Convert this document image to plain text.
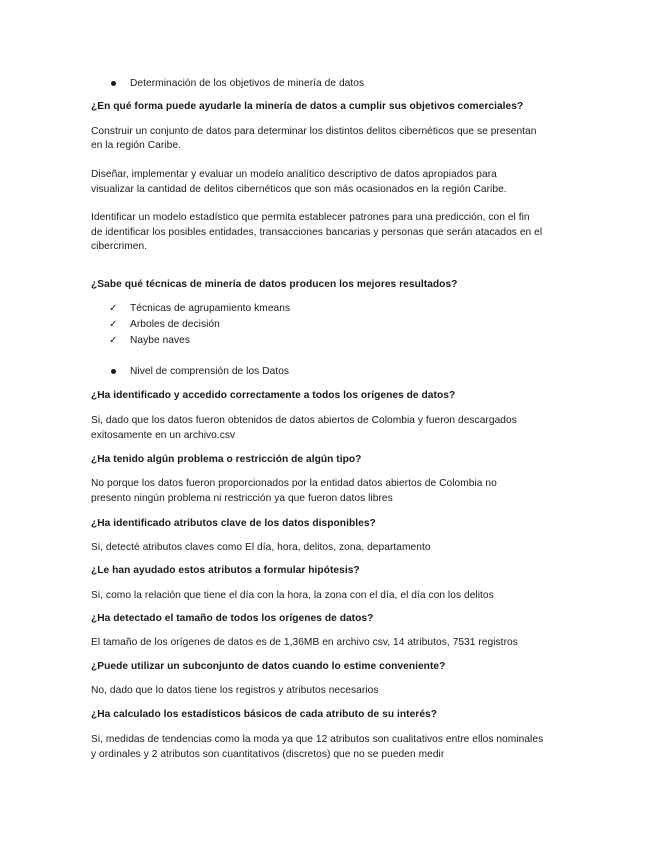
Determinación de los objetivos de minería de datos
¿En qué forma puede ayudarle la minería de datos a cumplir sus objetivos comerciales?
Construir un conjunto de datos para determinar los distintos delitos cibernéticos que se presentan
en la región Caribe.
Diseñar, implementar y evaluar un modelo analítico descriptivo de datos apropiados para
visualizar la cantidad de delitos cibernéticos que son más ocasionados en la región Caribe.
Identificar un modelo estadístico que permita establecer patrones para una predicción, con el fin
de identificar los posibles entidades, transacciones bancarias y personas que serán atacados en el
cibercrimen.
¿Sabe qué técnicas de minería de datos producen los mejores resultados?
✓ Técnicas de agrupamiento kmeans
✓ Arboles de decisión
✓ Naybe naves
Nivel de comprensión de los Datos
¿Ha identificado y accedido correctamente a todos los orígenes de datos?
Si, dado que los datos fueron obtenidos de datos abiertos de Colombia y fueron descargados
exitosamente en un archivo.csv
¿Ha tenido algún problema o restricción de algún tipo?
No porque los datos fueron proporcionados por la entidad datos abiertos de Colombia no
presento ningún problema ni restricción ya que fueron datos libres
¿Ha identificado atributos clave de los datos disponibles?
Si, detecté atributos claves como El día, hora, delitos, zona, departamento
¿Le han ayudado estos atributos a formular hipótesis?
Si, como la relación que tiene el día con la hora, la zona con el día, el día con los delitos
¿Ha detectado el tamaño de todos los orígenes de datos?
El tamaño de los orígenes de datos es de 1,36MB en archivo csv, 14 atributos, 7531 registros
¿Puede utilizar un subconjunto de datos cuando lo estime conveniente?
No, dado que lo datos tiene los registros y atributos necesarios
¿Ha calculado los estadísticos básicos de cada atributo de su interés?
Si, medidas de tendencias como la moda ya que 12 atributos son cualitativos entre ellos nominales
y ordinales y 2 atributos son cuantitativos (discretos) que no se pueden medir
